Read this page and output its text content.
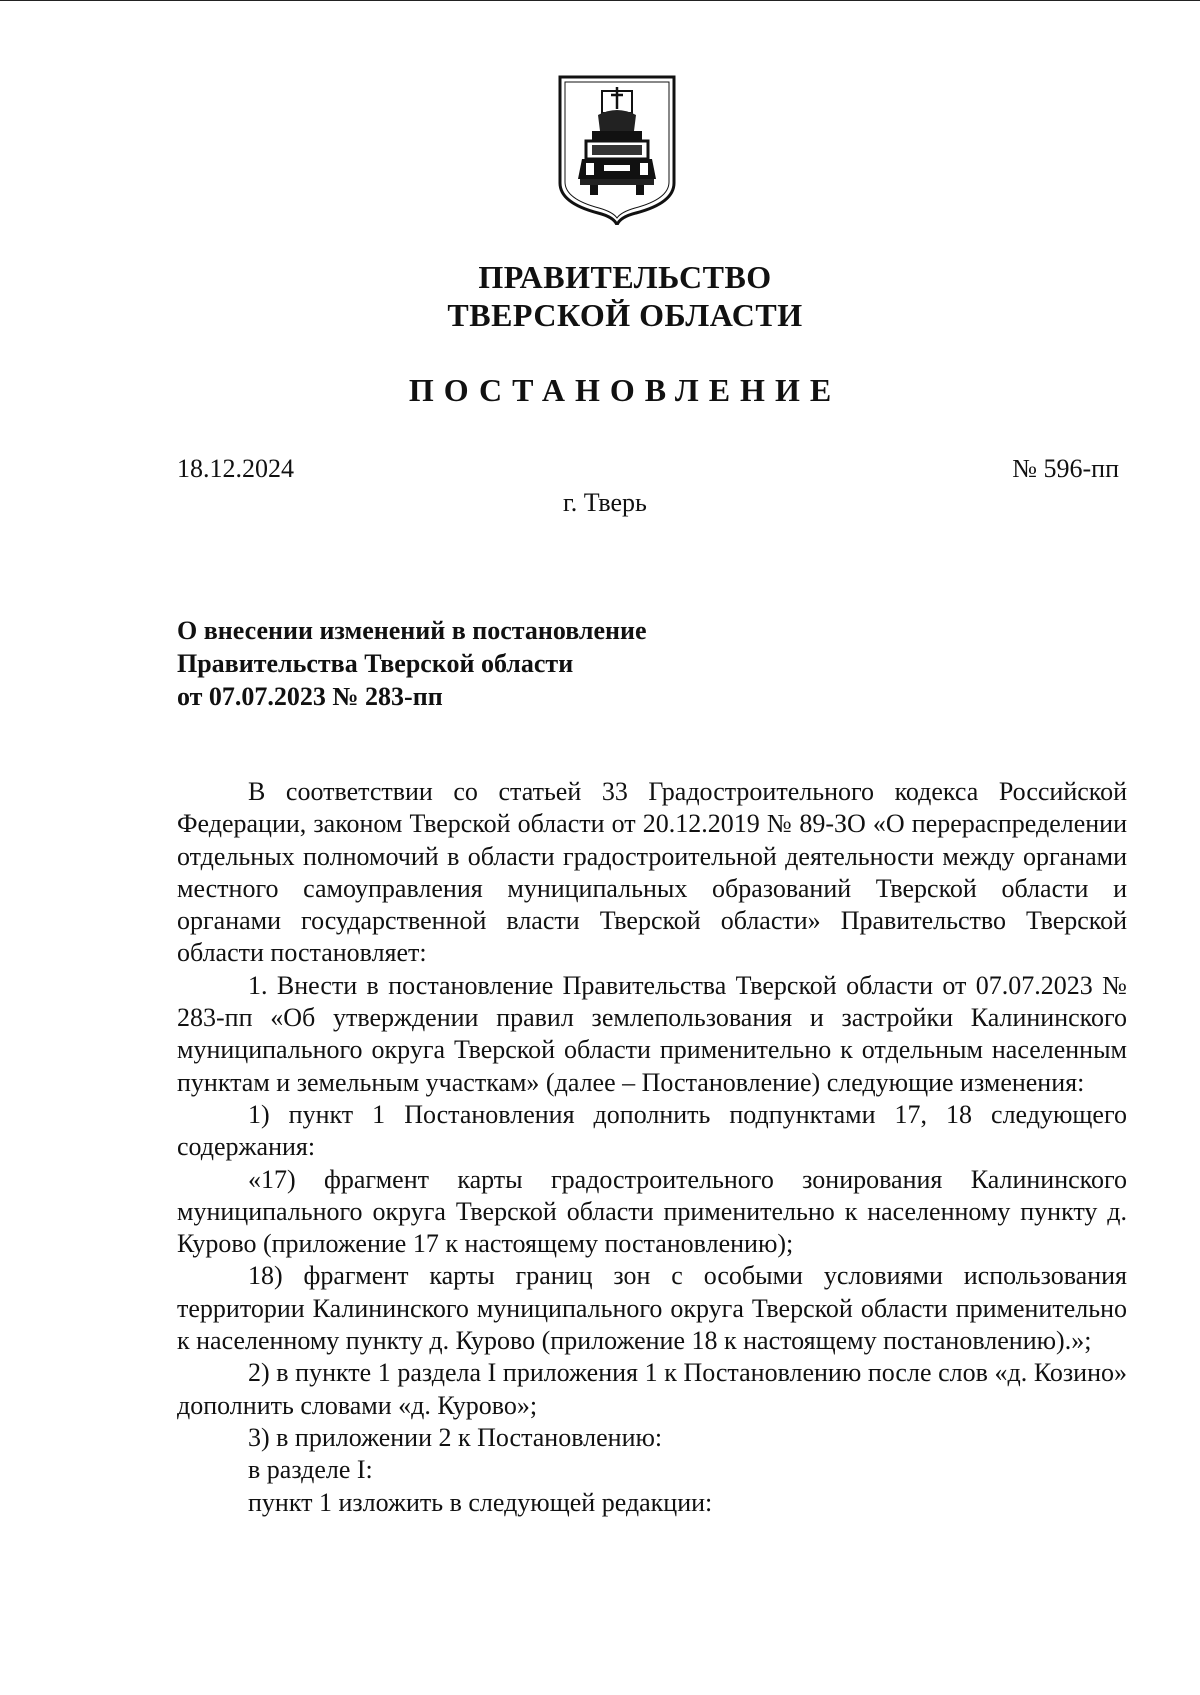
ПРАВИТЕЛЬСТВО
ТВЕРСКОЙ ОБЛАСТИ
ПОСТАНОВЛЕНИЕ
18.12.2024	№ 596-пп
г. Тверь
О внесении изменений в постановление
Правительства Тверской области
от 07.07.2023 № 283-пп

В соответствии со статьей 33 Градостроительного кодекса Российской Федерации, законом Тверской области от 20.12.2019 № 89-ЗО «О перераспределении отдельных полномочий в области градостроительной деятельности между органами местного самоуправления муниципальных образований Тверской области и органами государственной власти Тверской области» Правительство Тверской области постановляет:

1. Внести в постановление Правительства Тверской области от 07.07.2023 № 283-пп «Об утверждении правил землепользования и застройки Калининского муниципального округа Тверской области применительно к отдельным населенным пунктам и земельным участкам» (далее – Постановление) следующие изменения:

1) пункт 1 Постановления дополнить подпунктами 17, 18 следующего содержания:

«17) фрагмент карты градостроительного зонирования Калининского муниципального округа Тверской области применительно к населенному пункту д. Курово (приложение 17 к настоящему постановлению);

18) фрагмент карты границ зон с особыми условиями использования территории Калининского муниципального округа Тверской области применительно к населенному пункту д. Курово (приложение 18 к настоящему постановлению).»;

2) в пункте 1 раздела I приложения 1 к Постановлению после слов «д. Козино» дополнить словами «д. Курово»;

3) в приложении 2 к Постановлению:

в разделе I:

пункт 1 изложить в следующей редакции:
